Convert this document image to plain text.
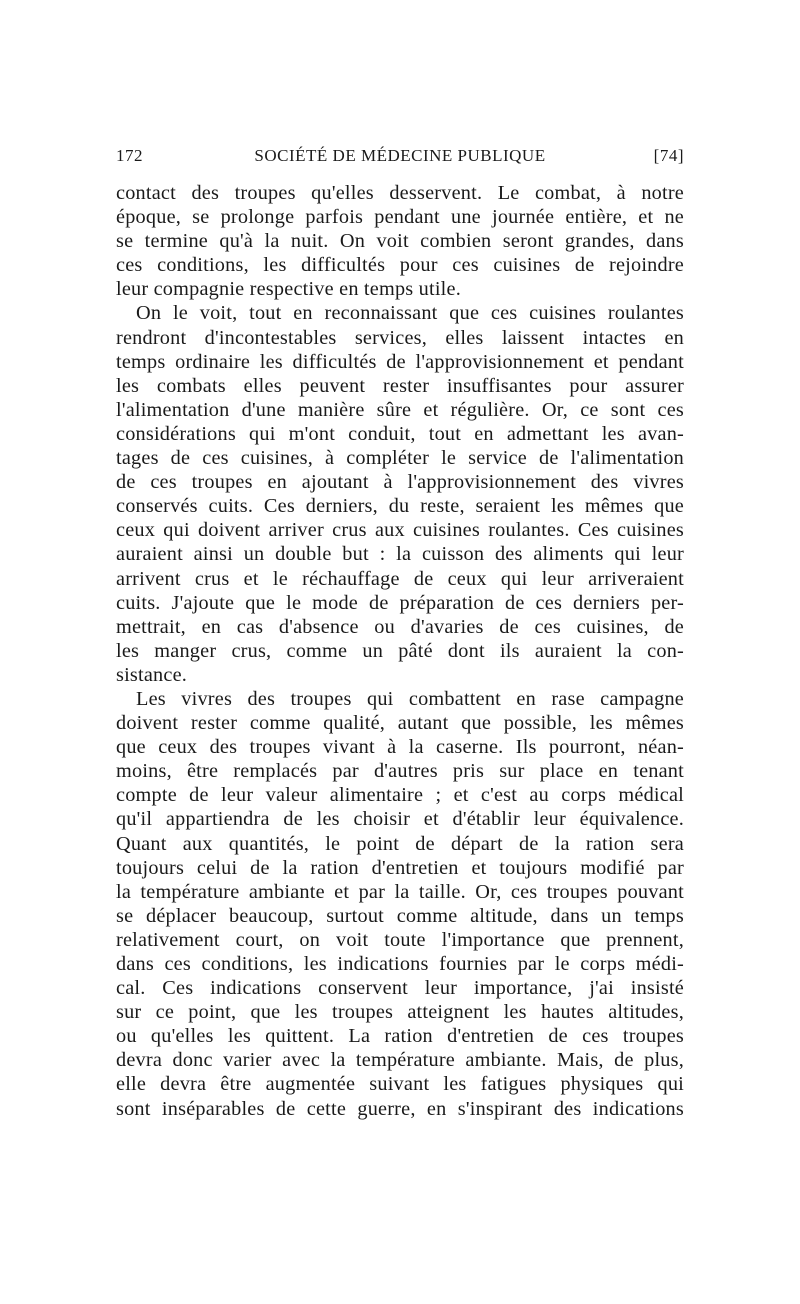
172	SOCIÉTÉ DE MÉDECINE PUBLIQUE	[74]
contact des troupes qu'elles desservent. Le combat, à notre
époque, se prolonge parfois pendant une journée entière, et ne
se termine qu'à la nuit. On voit combien seront grandes, dans
ces conditions, les difficultés pour ces cuisines de rejoindre
leur compagnie respective en temps utile.
On le voit, tout en reconnaissant que ces cuisines roulantes
rendront d'incontestables services, elles laissent intactes en
temps ordinaire les difficultés de l'approvisionnement et pendant
les combats elles peuvent rester insuffisantes pour assurer
l'alimentation d'une manière sûre et régulière. Or, ce sont ces
considérations qui m'ont conduit, tout en admettant les avan-
tages de ces cuisines, à compléter le service de l'alimentation
de ces troupes en ajoutant à l'approvisionnement des vivres
conservés cuits. Ces derniers, du reste, seraient les mêmes que
ceux qui doivent arriver crus aux cuisines roulantes. Ces cuisines
auraient ainsi un double but : la cuisson des aliments qui leur
arrivent crus et le réchauffage de ceux qui leur arriveraient
cuits. J'ajoute que le mode de préparation de ces derniers per-
mettrait, en cas d'absence ou d'avaries de ces cuisines, de
les manger crus, comme un pâté dont ils auraient la con-
sistance.
Les vivres des troupes qui combattent en rase campagne
doivent rester comme qualité, autant que possible, les mêmes
que ceux des troupes vivant à la caserne. Ils pourront, néan-
moins, être remplacés par d'autres pris sur place en tenant
compte de leur valeur alimentaire ; et c'est au corps médical
qu'il appartiendra de les choisir et d'établir leur équivalence.
Quant aux quantités, le point de départ de la ration sera
toujours celui de la ration d'entretien et toujours modifié par
la température ambiante et par la taille. Or, ces troupes pouvant
se déplacer beaucoup, surtout comme altitude, dans un temps
relativement court, on voit toute l'importance que prennent,
dans ces conditions, les indications fournies par le corps médi-
cal. Ces indications conservent leur importance, j'ai insisté
sur ce point, que les troupes atteignent les hautes altitudes,
ou qu'elles les quittent. La ration d'entretien de ces troupes
devra donc varier avec la température ambiante. Mais, de plus,
elle devra être augmentée suivant les fatigues physiques qui
sont inséparables de cette guerre, en s'inspirant des indications
